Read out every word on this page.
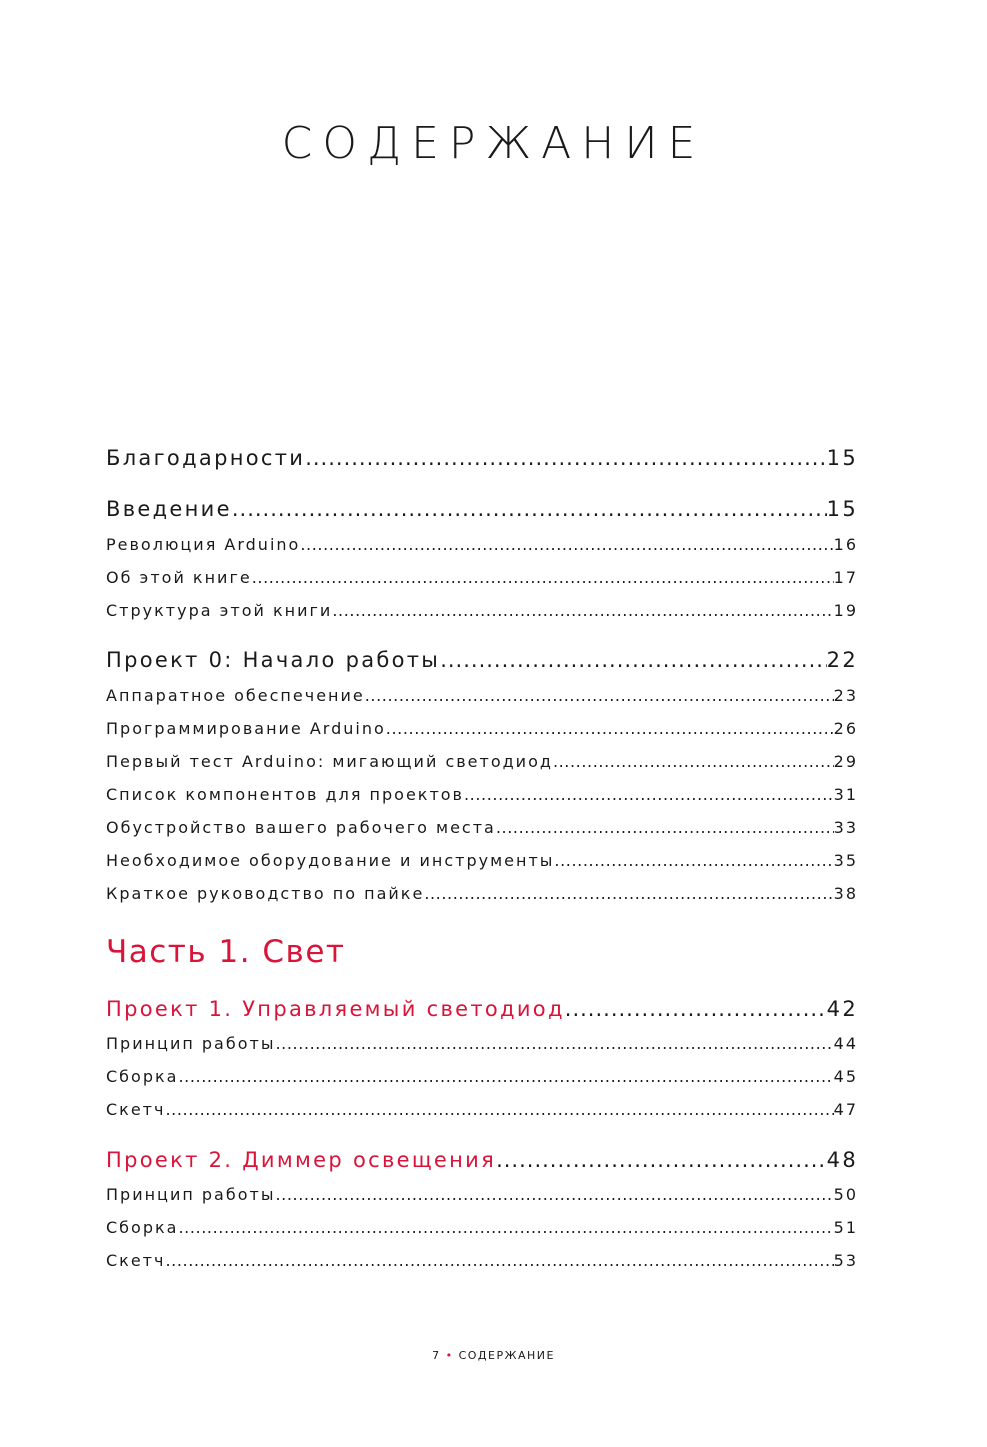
СОДЕРЖАНИЕ
Благодарности .....	15
Введение .....	15
Революция Arduino .....	16
Об этой книге .....	17
Структура этой книги .....	19
Проект 0: Начало работы .....	22
Аппаратное обеспечение .....	23
Программирование Arduino .....	26
Первый тест Arduino: мигающий светодиод .....	29
Список компонентов для проектов .....	31
Обустройство вашего рабочего места .....	33
Необходимое оборудование и инструменты .....	35
Краткое руководство по пайке .....	38
Проект 1. Управляемый светодиод .....	42
Принцип работы .....	44
Сборка .....	45
Скетч .....	47
Проект 2. Диммер освещения .....	48
Принцип работы .....	50
Сборка .....	51
Скетч .....	53
Часть 1. Свет
7 • СОДЕРЖАНИЕ
